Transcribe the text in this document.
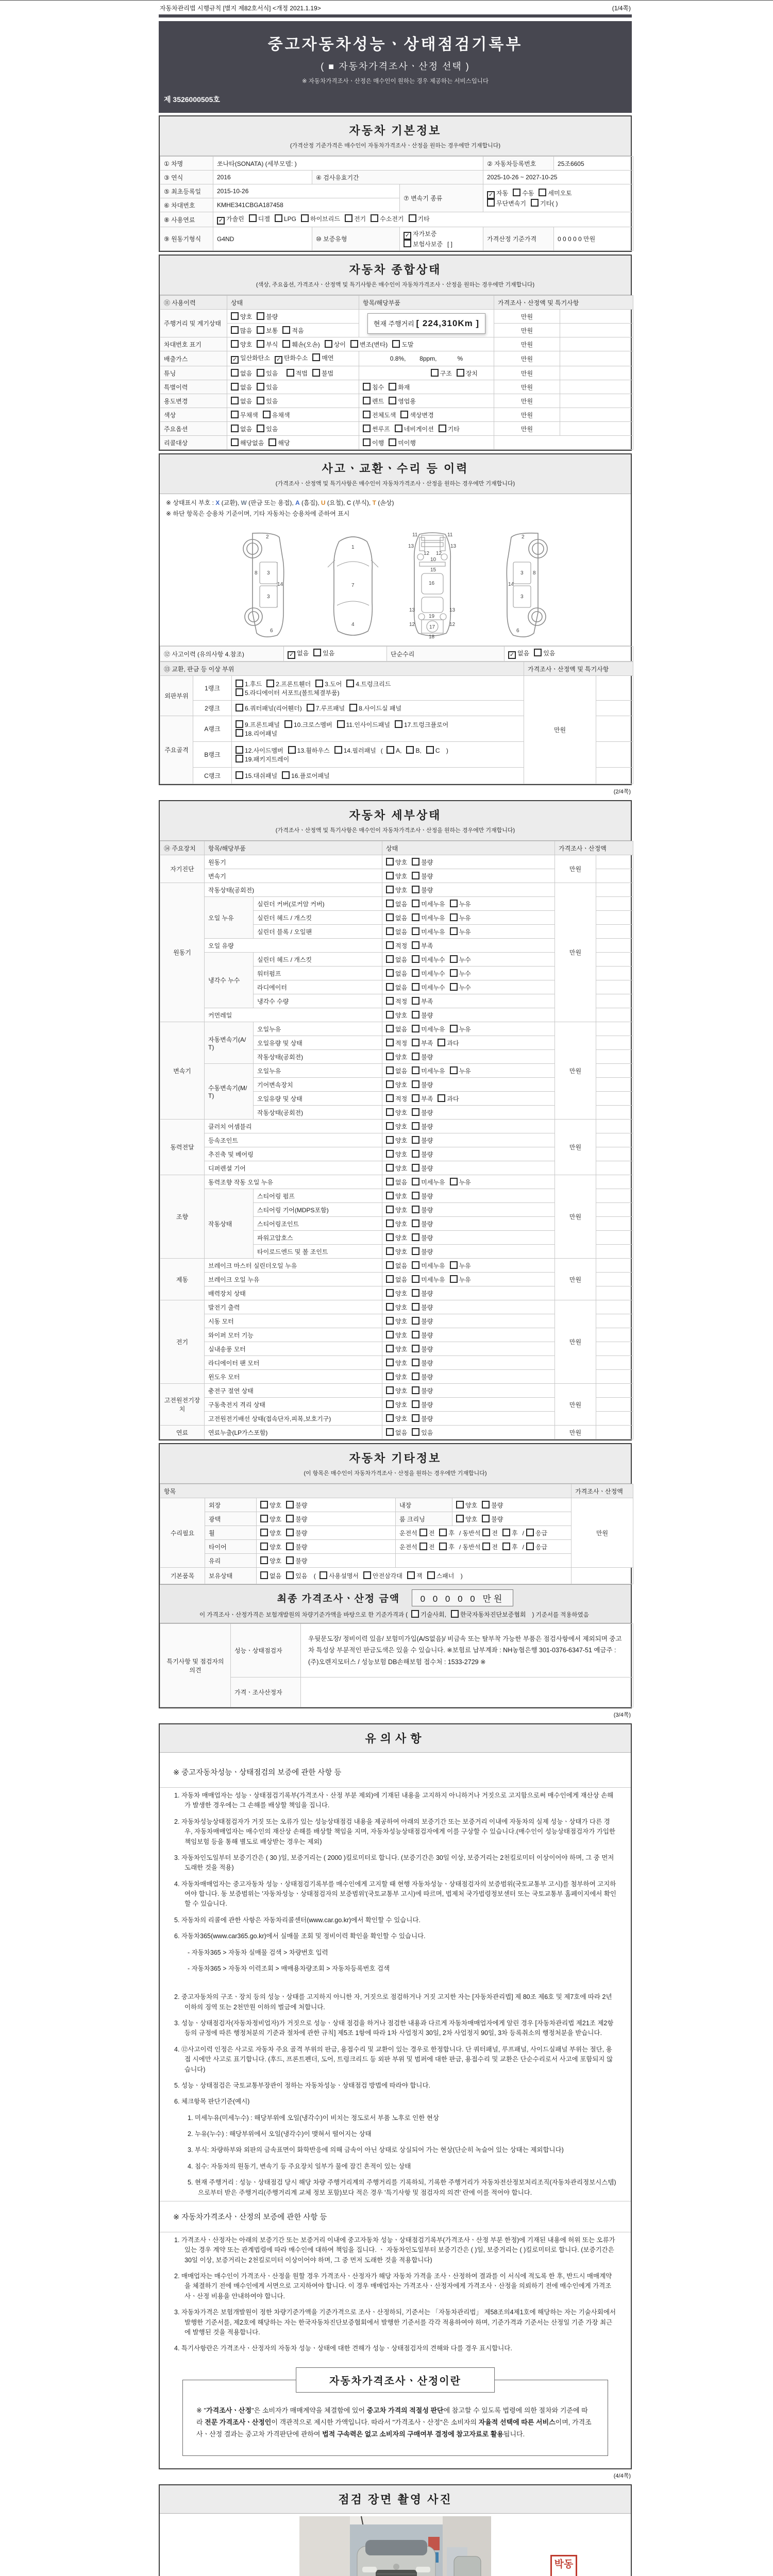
자동차관리법 시행규칙 [별지 제82호서식] <개정 2021.1.19>	(1/4쪽)
중고자동차성능ㆍ상태점검기록부
( ■ 자동차가격조사ㆍ산정 선택 )
※ 자동차가격조사ㆍ산정은 매수인이 원하는 경우 제공하는 서비스입니다
제 3526000505호
자동차 기본정보

(가격산정 기준가격은 매수인이 자동차가격조사ㆍ산정을 원하는 경우에만 기재합니다)

① 차명	쏘나타(SONATA) (세부모델: )			② 자동차등록번호	25조6605
③ 연식	2016	④ 검사유효기간		2025-10-26 ~ 2027-10-25	
⑤ 최초등록일	2015-10-26		⑦ 변속기 종류	✓ 자동 수동 세미오토
무단변속기 기타( )	
⑥ 차대번호	KMHE341CBGA187458				
⑧ 사용연료	✓ 가솔린 디젤 LPG 하이브리드 전기 수소전기 기타				
⑨ 원동기형식	G4ND	⑩ 보증유형	✓ 자가보증보험사보증 [ ]	가격산정 기준가격	0 0 0 0 0 만원
자동차 종합상태

(색상, 주요옵션, 가격조사ㆍ산정액 및 특기사항은 매수인이 자동차가격조사ㆍ산정을 원하는 경우에만 기재합니다)

⑪ 사용이력	상태	항목/해당부품	가격조사ㆍ산정액 및 특기사항	
주행거리 및 계기상태	양호 불량	현재 주행거리 [ 224,310Km ]	만원	
	많음 보통 적음		만원	
차대번호 표기	양호 부식 훼손(오손) 상이 변조(변타) 도말		만원	
배출가스	✓ 일산화탄소 ✓ 탄화수소 매연	0.8%,        8ppm,            %	만원	
튜닝	없음 있음 적법 불법	구조 장치	만원	
특별이력	없음 있음	침수 화재	만원	
용도변경	없음 있음	렌트 영업용	만원	
색상	무채색 유채색	전체도색 색상변경	만원	
주요옵션	없음 있음	썬루프 네비게이션 기타	만원	
리콜대상	해당없음 해당	이행 미이행		
사고ㆍ교환ㆍ수리 등 이력

(가격조사ㆍ산정액 및 특기사항은 매수인이 자동차가격조사ㆍ산정을 원하는 경우에만 기재합니다)

※ 상태표시 부호 : X (교환), W (판금 또는 용접), A (흠집), U (요철), C (부식), T (손상)
※ 하단 항목은 승용차 기준이며, 기타 자동차는 승용차에 준하여 표시
2
8 3
14
3
6
1
7
4
11	11
13	13
12 12
10
15
16
13	13
19
12	12
17
18
2
8
3
14
3
6
⑫ 사고이력 (유의사항 4.참조)	✓ 없음 있음	단순수리	✓ 없음 있음
⑬ 교환, 판금 등 이상 부위			가격조사ㆍ산정액 및 특기사항	
외판부위	1랭크	1.후드 2.프론트휀더 3.도어 4.트렁크리드
5.라디에이터 서포트(볼트체결부품)	만원	
	2랭크	6.쿼터패널(리어휀더) 7.루프패널 8.사이드실 패널		
주요골격	A랭크	9.프론트패널 10.크로스멤버 11.인사이드패널 17.트렁크플로어
18.리어패널		
	B랭크	12.사이드멤버 13.휠하우스 14.필러패널 ( A, B, C )
19.패키지트레이		
	C랭크	15.대쉬패널 16.플로어패널		
(2/4쪽)
자동차 세부상태

(가격조사ㆍ산정액 및 특기사항은 매수인이 자동차가격조사ㆍ산정을 원하는 경우에만 기재합니다)

⑭ 주요장치	항목/해당부품		상태	가격조사ㆍ산정액	
자기진단	원동기		양호 불량	만원	
	변속기		양호 불량		
원동기	작동상태(공회전)		양호 불량	만원	
	오일 누유	실린더 커버(로커암 커버)	없음 미세누유 누유		
		실린더 헤드 / 개스킷	없음 미세누유 누유		
		실린더 블록 / 오일팬	없음 미세누유 누유		
	오일 유량		적정 부족		
	냉각수 누수	실린더 헤드 / 개스킷	없음 미세누수 누수		
		워터펌프	없음 미세누수 누수		
		라디에이터	없음 미세누수 누수		
		냉각수 수량	적정 부족		
	커먼레일		양호 불량		
변속기	자동변속기(A/T)	오일누유	없음 미세누유 누유	만원	
		오일유량 및 상태	적정 부족 과다		
		작동상태(공회전)	양호 불량		
	수동변속기(M/T)	오일누유	없음 미세누유 누유		
		기어변속장치	양호 불량		
		오일유량 및 상태	적정 부족 과다		
		작동상태(공회전)	양호 불량		
동력전달	클러치 어셈블리		양호 불량	만원	
	등속조인트		양호 불량		
	추진축 및 베어링		양호 불량		
	디퍼렌셜 기어		양호 불량		
조향	동력조향 작동 오일 누유		없음 미세누유 누유	만원	
	작동상태	스티어링 펌프	양호 불량		
		스티어링 기어(MDPS포함)	양호 불량		
		스티어링조인트	양호 불량		
		파워고압호스	양호 불량		
		타이로드엔드 및 볼 조인트	양호 불량		
제동	브레이크 마스터 실린더오일 누유		없음 미세누유 누유	만원	
	브레이크 오일 누유		없음 미세누유 누유		
	배력장치 상태		양호 불량		
전기	발전기 출력		양호 불량	만원	
	시동 모터		양호 불량		
	와이퍼 모터 기능		양호 불량		
	실내송풍 모터		양호 불량		
	라디에이터 팬 모터		양호 불량		
	윈도우 모터		양호 불량		
고전원전기장치	충전구 절연 상태		양호 불량	만원	
	구동축전지 격리 상태		양호 불량		
	고전원전기배선 상태(접속단자,피복,보호기구)		양호 불량		
연료	연료누출(LP가스포함)		없음 있음	만원	
자동차 기타정보

(이 항목은 매수인이 자동차가격조사ㆍ산정을 원하는 경우에만 기재합니다)

항목					가격조사ㆍ산정액
수리필요	외장	양호 불량	내장	양호 불량	만원
	광택	양호 불량	룸 크리닝	양호 불량	
	휠	양호 불량	운전석 전 후 / 동반석 전 후 / 응급		
	타이어	양호 불량	운전석 전 후 / 동반석 전 후 / 응급		
	유리	양호 불량			
기본품목	보유상태	없음 있음 ( 사용설명서 안전삼각대 잭 스패너 )			
최종 가격조사ㆍ산정 금액 0 0 0 0 0 만원
이 가격조사ㆍ산정가격은 보험개발원의 차량기준가액을 바탕으로 한 기준가격과 ( 기술사회, 한국자동차진단보증협회 ) 기준서를 적용하였음
특기사항 및 점검자의 의견	성능ㆍ상태점검자	우뒷문도장/ 정비이력 있음/ 보험미가입(A/S없음)/ 비금속 또는 탈부착 가능한 부품은 점검사항에서 제외되며 중고차 특성상 부분적인 판금도색은 있을 수 있습니다. ※보험료 납부계좌 : NH농협은행 301-0376-6347-51 예금주 : (주)오렌지모터스 / 성능보험 DB손해보험 접수처 : 1533-2729 ※
	가격ㆍ조사산정자	
(3/4쪽)
유의사항
※ 중고자동차성능ㆍ상태점검의 보증에 관한 사항 등
1. 자동차 매매업자는 성능ㆍ상태점검기록부(가격조사ㆍ산정 부분 제외)에 기재된 내용을 고지하지 아니하거나 거짓으로 고지함으로써 매수인에게 재산상 손해가 발생한 경우에는 그 손해를 배상할 책임을 집니다.
2. 자동차성능상태점검자가 거짓 또는 오류가 있는 성능상태점검 내용을 제공하여 아래의 보증기간 또는 보증거리 이내에 자동차의 실제 성능ㆍ상태가 다른 경우, 자동차매매업자는 매수인의 재산상 손해를 배상할 책임을 지며, 자동차성능상태점검자에게 이를 구상할 수 있습니다.(매수인이 성능상태점검자가 가입한 책임보험 등을 통해 별도로 배상받는 경우는 제외)
3. 자동차인도일부터 보증기간은 ( 30 )일, 보증거리는 ( 2000 )킬로미터로 합니다. (보증기간은 30일 이상, 보증거리는 2천킬로미터 이상이어야 하며, 그 중 먼저 도래한 것을 적용)
4. 자동차매매업자는 중고자동차 성능ㆍ상태점검기록부를 매수인에게 고지할 때 현행 자동차성능ㆍ상태점검자의 보증범위(국토교통부 고시)를 첨부하여 고지하여야 합니다. 동 보증범위는 '자동차성능ㆍ상태점검자의 보증범위'(국토교통부 고시)에 따르며, 법제처 국가법령정보센터 또는 국토교통부 홈페이지에서 확인할 수 있습니다.
5. 자동차의 리콜에 관한 사항은 자동차리콜센터(www.car.go.kr)에서 확인할 수 있습니다.
6. 자동차365(www.car365.go.kr)에서 실매물 조회 및 정비이력 확인을 확인할 수 있습니다.
- 자동차365 > 자동차 실매물 검색 > 차량번호 입력
- 자동차365 > 자동차 이력조회 > 매매용차량조회 > 자동차등록번호 검색
2. 중고자동차의 구조ㆍ장치 등의 성능ㆍ상태를 고지하지 아니한 자, 거짓으로 점검하거나 거짓 고지한 자는 [자동차관리법] 제 80조 제6호 및 제7호에 따라 2년 이하의 징역 또는 2천만원 이하의 벌금에 처합니다.
3. 성능ㆍ상태점검자(자동차정비업자)가 거짓으로 성능ㆍ상태 점검을 하거나 점검한 내용과 다르게 자동차매매업자에게 알린 경우 [자동차관리법 제21조 제2항 등의 규정에 따른 행정처분의 기준과 절차에 관한 규칙] 제5조 1항에 따라 1차 사업정지 30일, 2차 사업정지 90일, 3차 등록취소의 행정처분을 받습니다.
4. ⑫사고이력 인정은 사고로 자동차 주요 골격 부위의 판금, 용접수리 및 교환이 있는 경우로 한정합니다. 단 쿼터패널, 루프패널, 사이드실패널 부위는 절단, 용접 시에만 사고로 표기합니다. (후드, 프론트펜더, 도어, 트렁크리드 등 외판 부위 및 범퍼에 대한 판금, 용접수리 및 교환은 단순수리로서 사고에 포함되지 않습니다)
5. 성능ㆍ상태점검은 국토교통부장관이 정하는 자동차성능ㆍ상태점검 방법에 따라야 합니다.
6. 체크항목 판단기준(예시)
1. 미세누유(미세누수) : 해당부위에 오일(냉각수)이 비치는 정도로서 부품 노후로 인한 현상
2. 누유(누수) : 해당부위에서 오일(냉각수)이 맺혀서 떨어지는 상태
3. 부식: 차량하부와 외판의 금속표면이 화학반응에 의해 금속이 아닌 상태로 상실되어 가는 현상(단순히 녹슬어 있는 상태는 제외합니다)
4. 침수: 자동차의 원동기, 변속기 등 주요장치 일부가 물에 잠긴 흔적이 있는 상태
5. 현재 주행거리 : 성능ㆍ상태점검 당시 해당 차량 주행거리계의 주행거리를 기록하되, 기록한 주행거리가 자동차전산정보처리조직(자동차관리정보시스템)으로부터 받은 주행거리(주행거리계 교체 정보 포함)보다 적은 경우 '특기사항 및 점검자의 의견' 란에 이를 적어야 합니다.
※ 자동차가격조사ㆍ산정의 보증에 관한 사항 등
1. 가격조사ㆍ산정자는 아래의 보증기간 또는 보증거리 이내에 중고자동차 성능ㆍ상태점검기록부(가격조사ㆍ산정 부분 한정)에 기재된 내용에 허위 또는 오류가 있는 경우 계약 또는 관계법령에 따라 매수인에 대하여 책임을 집니다. ㆍ 자동차인도일부터 보증기간은 ( )일, 보증거리는 ( )킬로미터로 합니다. (보증기간은 30일 이상, 보증거리는 2천킬로미터 이상이어야 하며, 그 중 먼저 도래한 것을 적용합니다)
2. 매매업자는 매수인이 가격조사ㆍ산정을 원할 경우 가격조사ㆍ산정자가 해당 자동차 가격을 조사ㆍ산정하여 결과를 이 서식에 적도록 한 후, 반드시 매매계약을 체결하기 전에 매수인에게 서면으로 고지하여야 합니다. 이 경우 매매업자는 가격조사ㆍ산정자에게 가격조사ㆍ산정을 의뢰하기 전에 매수인에게 가격조사ㆍ산정 비용을 안내하여야 합니다.
3. 자동차가격은 보험개발원이 정한 차량기준가액을 기준가격으로 조사ㆍ산정하되, 기준서는 「자동차관리법」 제58조의4제1호에 해당하는 자는 기술사회에서 발행한 기준서를, 제2호에 해당하는 자는 한국자동차진단보증협회에서 발행한 기준서를 각각 적용하여야 하며, 기준가격과 기준서는 산정일 기준 가장 최근에 발행된 것을 적용합니다.
4. 특기사항란은 가격조사ㆍ산정자의 자동차 성능ㆍ상태에 대한 견해가 성능ㆍ상태점검자의 견해와 다를 경우 표시합니다.
자동차가격조사ㆍ산정이란

※ "가격조사ㆍ산정"은 소비자가 매매계약을 체결함에 있어 중고차 가격의 적절성 판단에 참고할 수 있도록 법령에 의한 절차와 기준에 따라 전문 가격조사ㆍ산정인이 객관적으로 제시한 가액입니다. 따라서 "가격조사ㆍ산정"은 소비자의 자율적 선택에 따른 서비스이며, 가격조사ㆍ산정 결과는 중고차 가격판단에 관하여 법적 구속력은 없고 소비자의 구매여부 결정에 참고자료로 활용됩니다.

(4/4쪽)
점검 장면 촬영 사진
박동
